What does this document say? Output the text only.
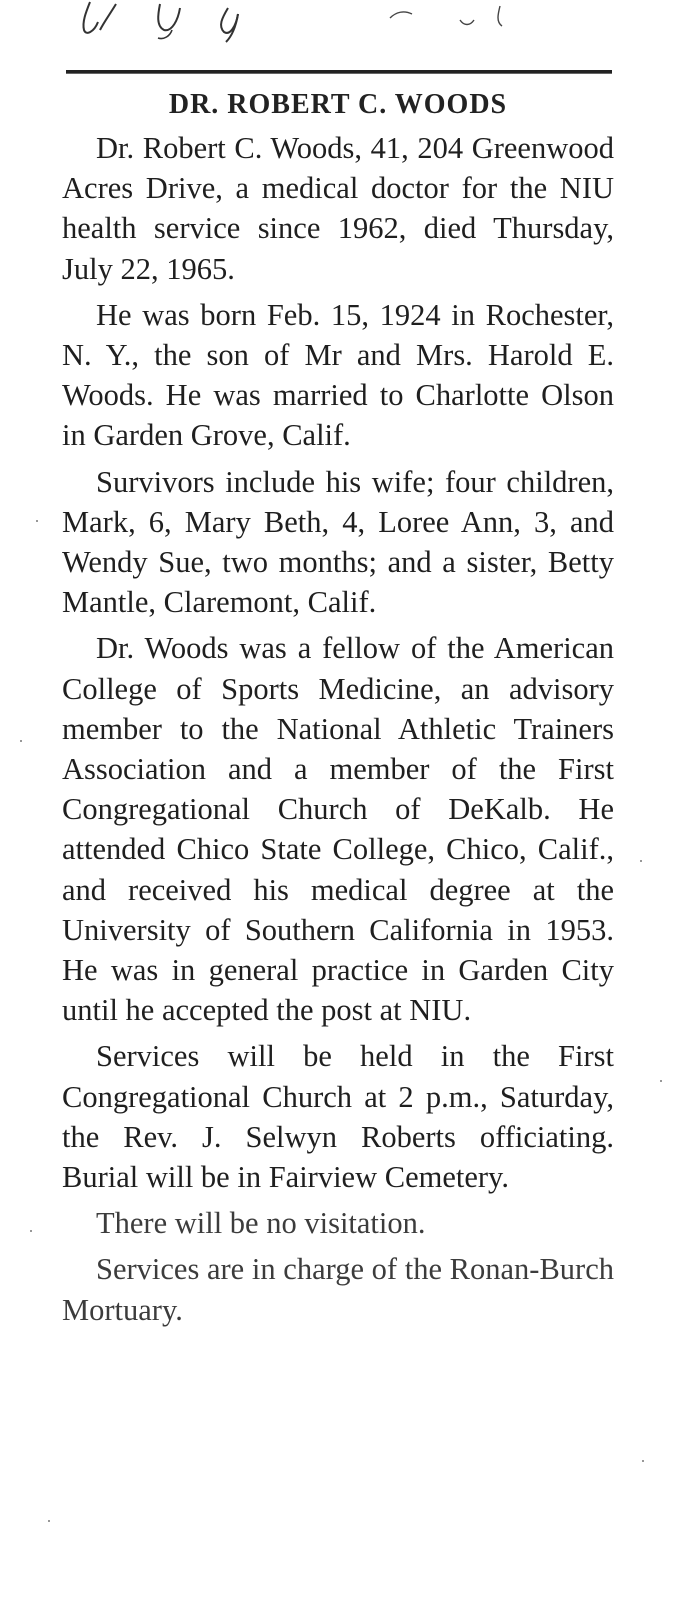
DR. ROBERT C. WOODS

Dr. Robert C. Woods, 41, 204 Greenwood Acres Drive, a medical doctor for the NIU health service since 1962, died Thursday, July 22, 1965.

He was born Feb. 15, 1924 in Rochester, N. Y., the son of Mr and Mrs. Harold E. Woods. He was married to Charlotte Olson in Garden Grove, Calif.

Survivors include his wife; four children, Mark, 6, Mary Beth, 4, Loree Ann, 3, and Wendy Sue, two months; and a sister, Betty Mantle, Claremont, Calif.

Dr. Woods was a fellow of the American College of Sports Medicine, an advisory member to the National Athletic Trainers Association and a member of the First Congregational Church of DeKalb. He attended Chico State College, Chico, Calif., and received his medical degree at the University of Southern California in 1953. He was in general practice in Garden City until he accepted the post at NIU.

Services will be held in the First Congregational Church at 2 p.m., Saturday, the Rev. J. Selwyn Roberts officiating. Burial will be in Fairview Cemetery.

There will be no visitation.

Services are in charge of the Ronan-Burch Mortuary.
